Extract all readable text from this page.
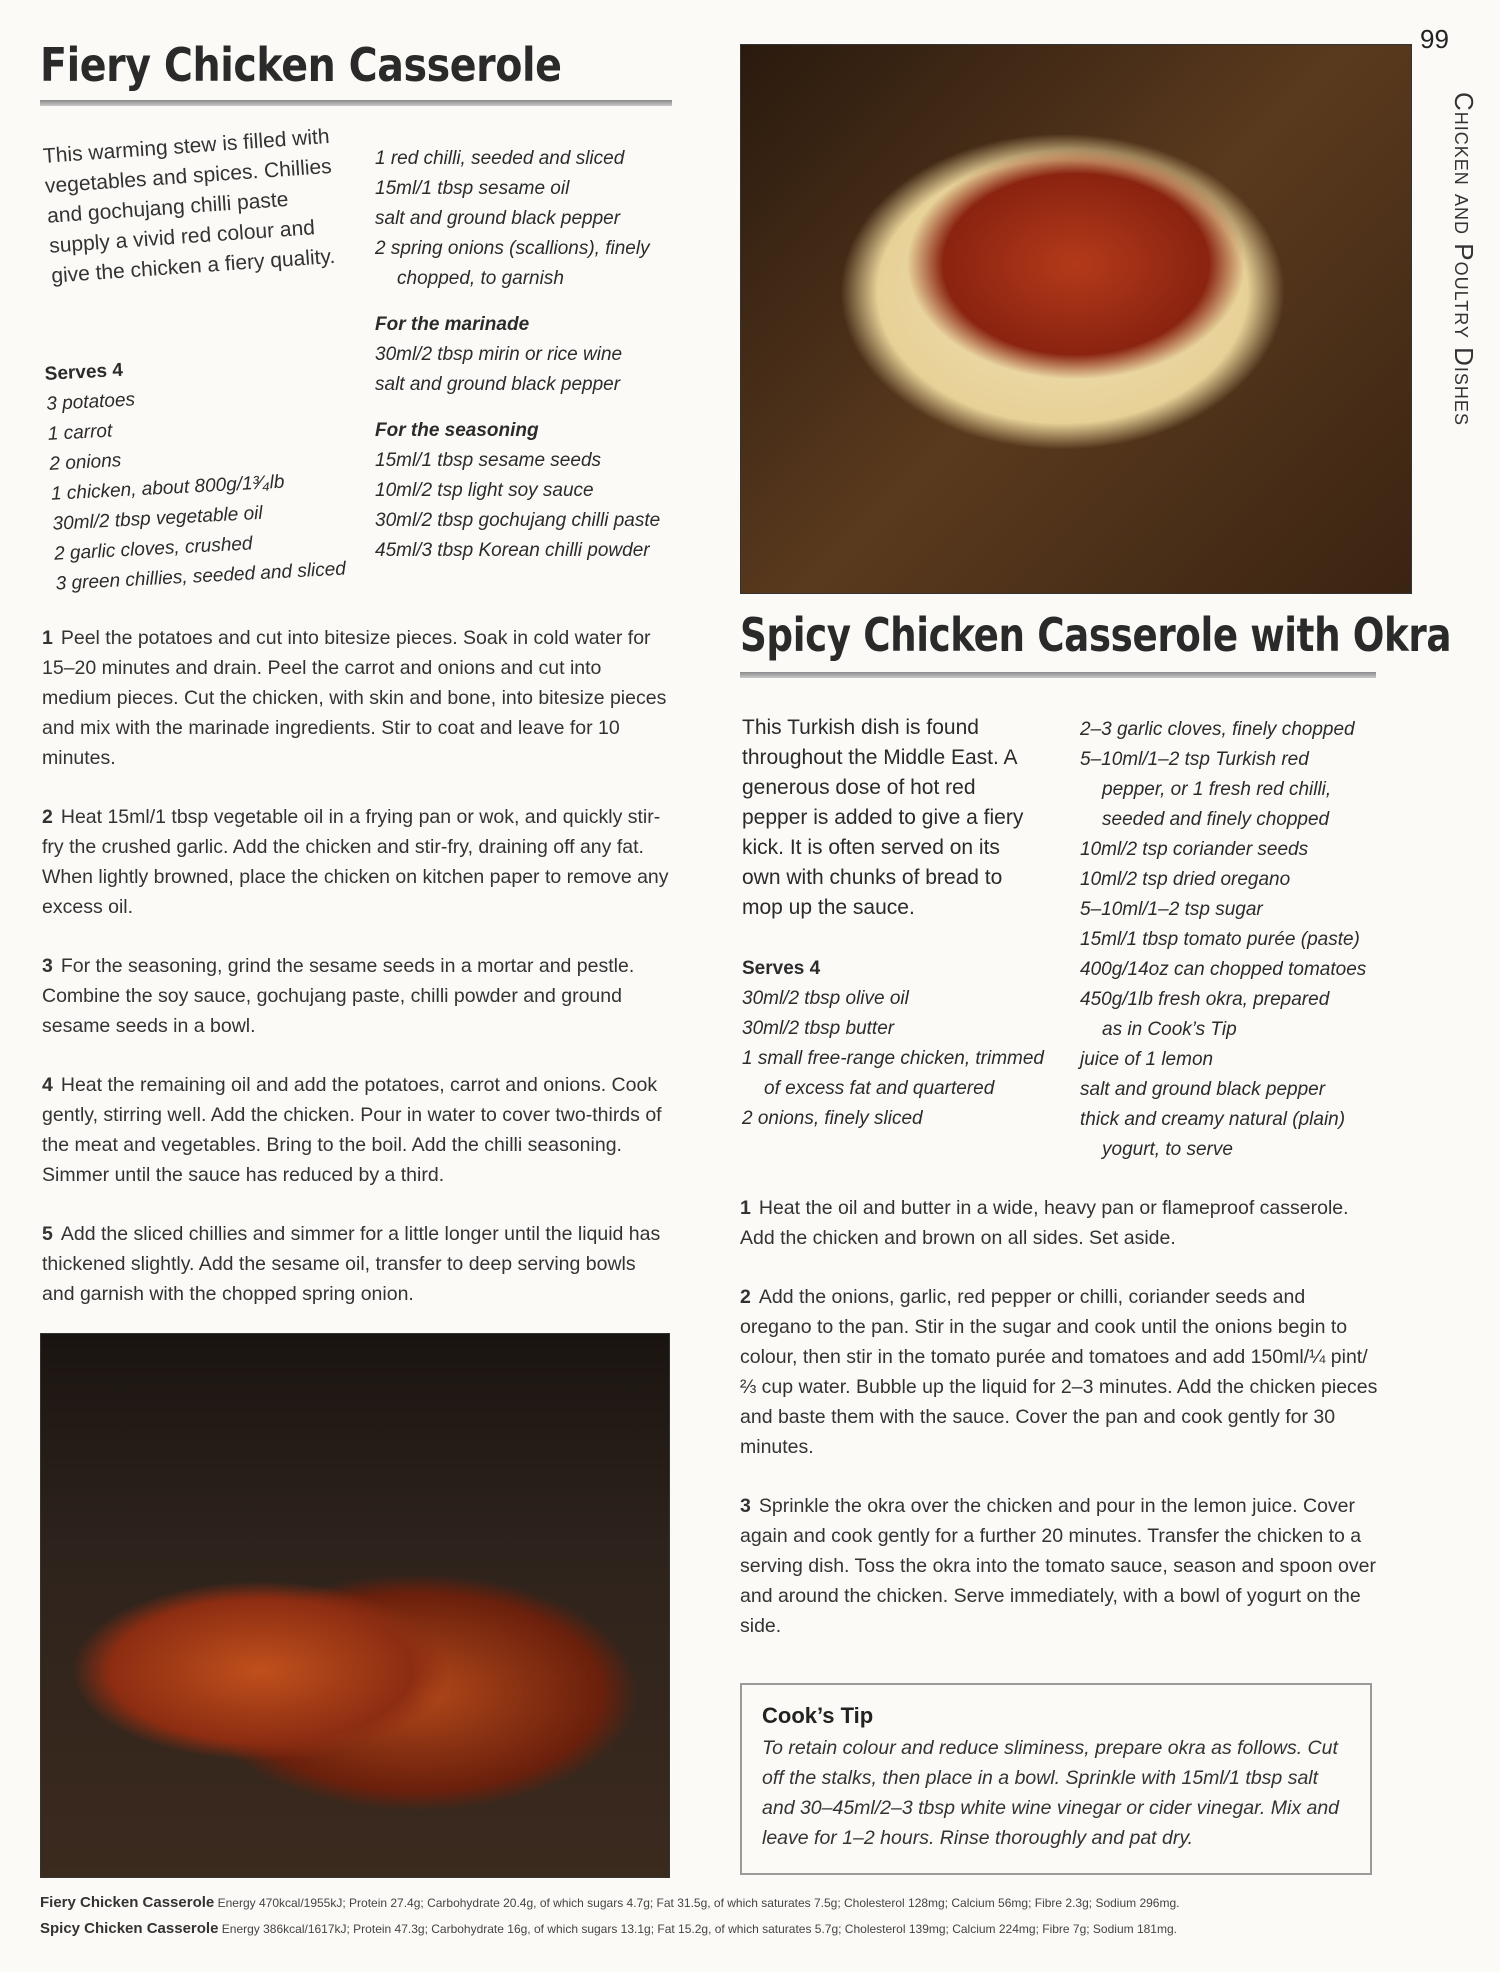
99
Chicken and Poultry Dishes
Fiery Chicken Casserole
This warming stew is filled with vegetables and spices. Chillies and gochujang chilli paste supply a vivid red colour and give the chicken a fiery quality.
Serves 4
3 potatoes
1 carrot
2 onions
1 chicken, about 800g/1³⁄₄lb
30ml/2 tbsp vegetable oil
2 garlic cloves, crushed
3 green chillies, seeded and sliced
1 red chilli, seeded and sliced
15ml/1 tbsp sesame oil
salt and ground black pepper
2 spring onions (scallions), finely
chopped, to garnish
For the marinade
30ml/2 tbsp mirin or rice wine
salt and ground black pepper
For the seasoning
15ml/1 tbsp sesame seeds
10ml/2 tsp light soy sauce
30ml/2 tbsp gochujang chilli paste
45ml/3 tbsp Korean chilli powder

1 Peel the potatoes and cut into bitesize pieces. Soak in cold water for 15–20 minutes and drain. Peel the carrot and onions and cut into medium pieces. Cut the chicken, with skin and bone, into bitesize pieces and mix with the marinade ingredients. Stir to coat and leave for 10 minutes.

2 Heat 15ml/1 tbsp vegetable oil in a frying pan or wok, and quickly stir-fry the crushed garlic. Add the chicken and stir-fry, draining off any fat. When lightly browned, place the chicken on kitchen paper to remove any excess oil.

3 For the seasoning, grind the sesame seeds in a mortar and pestle. Combine the soy sauce, gochujang paste, chilli powder and ground sesame seeds in a bowl.

4 Heat the remaining oil and add the potatoes, carrot and onions. Cook gently, stirring well. Add the chicken. Pour in water to cover two-thirds of the meat and vegetables. Bring to the boil. Add the chilli seasoning. Simmer until the sauce has reduced by a third.

5 Add the sliced chillies and simmer for a little longer until the liquid has thickened slightly. Add the sesame oil, transfer to deep serving bowls and garnish with the chopped spring onion.

Spicy Chicken Casserole with Okra
This Turkish dish is found throughout the Middle East. A generous dose of hot red pepper is added to give a fiery kick. It is often served on its own with chunks of bread to mop up the sauce.
Serves 4
30ml/2 tbsp olive oil
30ml/2 tbsp butter
1 small free-range chicken, trimmed
of excess fat and quartered
2 onions, finely sliced
2–3 garlic cloves, finely chopped
5–10ml/1–2 tsp Turkish red
pepper, or 1 fresh red chilli,
seeded and finely chopped
10ml/2 tsp coriander seeds
10ml/2 tsp dried oregano
5–10ml/1–2 tsp sugar
15ml/1 tbsp tomato purée (paste)
400g/14oz can chopped tomatoes
450g/1lb fresh okra, prepared
as in Cook’s Tip
juice of 1 lemon
salt and ground black pepper
thick and creamy natural (plain)
yogurt, to serve

1 Heat the oil and butter in a wide, heavy pan or flameproof casserole. Add the chicken and brown on all sides. Set aside.

2 Add the onions, garlic, red pepper or chilli, coriander seeds and oregano to the pan. Stir in the sugar and cook until the onions begin to colour, then stir in the tomato purée and tomatoes and add 150ml/¼ pint/⅔ cup water. Bubble up the liquid for 2–3 minutes. Add the chicken pieces and baste them with the sauce. Cover the pan and cook gently for 30 minutes.

3 Sprinkle the okra over the chicken and pour in the lemon juice. Cover again and cook gently for a further 20 minutes. Transfer the chicken to a serving dish. Toss the okra into the tomato sauce, season and spoon over and around the chicken. Serve immediately, with a bowl of yogurt on the side.

Cook’s Tip
To retain colour and reduce sliminess, prepare okra as follows. Cut off the stalks, then place in a bowl. Sprinkle with 15ml/1 tbsp salt and 30–45ml/2–3 tbsp white wine vinegar or cider vinegar. Mix and leave for 1–2 hours. Rinse thoroughly and pat dry.
Fiery Chicken Casserole Energy 470kcal/1955kJ; Protein 27.4g; Carbohydrate 20.4g, of which sugars 4.7g; Fat 31.5g, of which saturates 7.5g; Cholesterol 128mg; Calcium 56mg; Fibre 2.3g; Sodium 296mg.
Spicy Chicken Casserole Energy 386kcal/1617kJ; Protein 47.3g; Carbohydrate 16g, of which sugars 13.1g; Fat 15.2g, of which saturates 5.7g; Cholesterol 139mg; Calcium 224mg; Fibre 7g; Sodium 181mg.
